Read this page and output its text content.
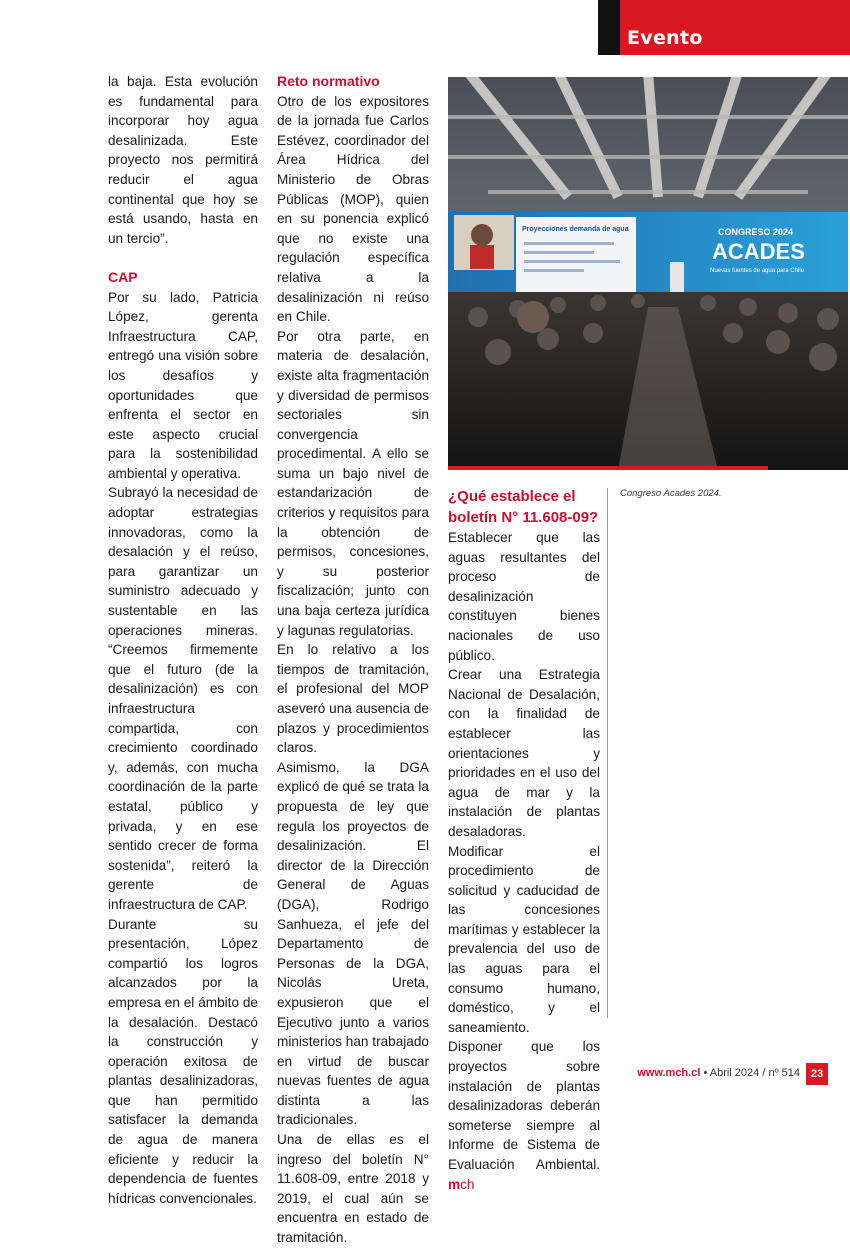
Evento

la baja. Esta evolución es fundamental para incorporar hoy agua desalinizada. Este proyecto nos permitirá reducir el agua continental que hoy se está usando, hasta en un tercio”.

CAP

Por su lado, Patricia López, gerenta Infraestructura CAP, entregó una visión sobre los desafíos y oportunidades que enfrenta el sector en este aspecto crucial para la sostenibilidad ambiental y operativa.

Subrayó la necesidad de adoptar estrategias innovadoras, como la desalación y el reúso, para garantizar un suministro adecuado y sustentable en las operaciones mineras. “Creemos firmemente que el futuro (de la desalinización) es con infraestructura compartida, con crecimiento coordinado y, además, con mucha coordinación de la parte estatal, público y privada, y en ese sentido crecer de forma sostenida”, reiteró la gerente de infraestructura de CAP.

Durante su presentación, López compartió los logros alcanzados por la empresa en el ámbito de la desalación. Destacó la construcción y operación exitosa de plantas desalinizadoras, que han permitido satisfacer la demanda de agua de manera eficiente y reducir la dependencia de fuentes hídricas convencionales.

Reto normativo

Otro de los expositores de la jornada fue Carlos Estévez, coordinador del Área Hídrica del Ministerio de Obras Públicas (MOP), quien en su ponencia explicó que no existe una regulación específica relativa a la desalinización ni reúso en Chile.

Por otra parte, en materia de desalación, existe alta fragmentación y diversidad de permisos sectoriales sin convergencia procedimental. A ello se suma un bajo nivel de estandarización de criterios y requisitos para la obtención de permisos, concesiones, y su posterior fiscalización; junto con una baja certeza jurídica y lagunas regulatorias.

En lo relativo a los tiempos de tramitación, el profesional del MOP aseveró una ausencia de plazos y procedimientos claros.

Asimismo, la DGA explicó de qué se trata la propuesta de ley que regula los proyectos de desalinización. El director de la Dirección General de Aguas (DGA), Rodrigo Sanhueza, el jefe del Departamento de Personas de la DGA, Nicolás Ureta, expusieron que el Ejecutivo junto a varios ministerios han trabajado en virtud de buscar nuevas fuentes de agua distinta a las tradicionales.

Una de ellas es el ingreso del boletín N° 11.608-09, entre 2018 y 2019, el cual aún se encuentra en estado de tramitación.

Proyecciones demanda de agua	CONGRESO 2024
ACADES
Nuevas fuentes de agua para Chile
Foto: Gentileza B2B Media Group	Congreso Acades 2024.
¿Qué establece el boletín N° 11.608-09?

Establecer que las aguas resultantes del proceso de desalinización constituyen bienes nacionales de uso público.

Crear una Estrategia Nacional de Desalación, con la finalidad de establecer las orientaciones y prioridades en el uso del agua de mar y la instalación de plantas desaladoras.

Modificar el procedimiento de solicitud y caducidad de las concesiones marítimas y establecer la prevalencia del uso de las aguas para el consumo humano, doméstico, y el saneamiento.

Disponer que los proyectos sobre instalación de plantas desalinizadoras deberán someterse siempre al Informe de Sistema de Evaluación Ambiental. mch

www.mch.cl • Abril 2024 / nº 514 23
